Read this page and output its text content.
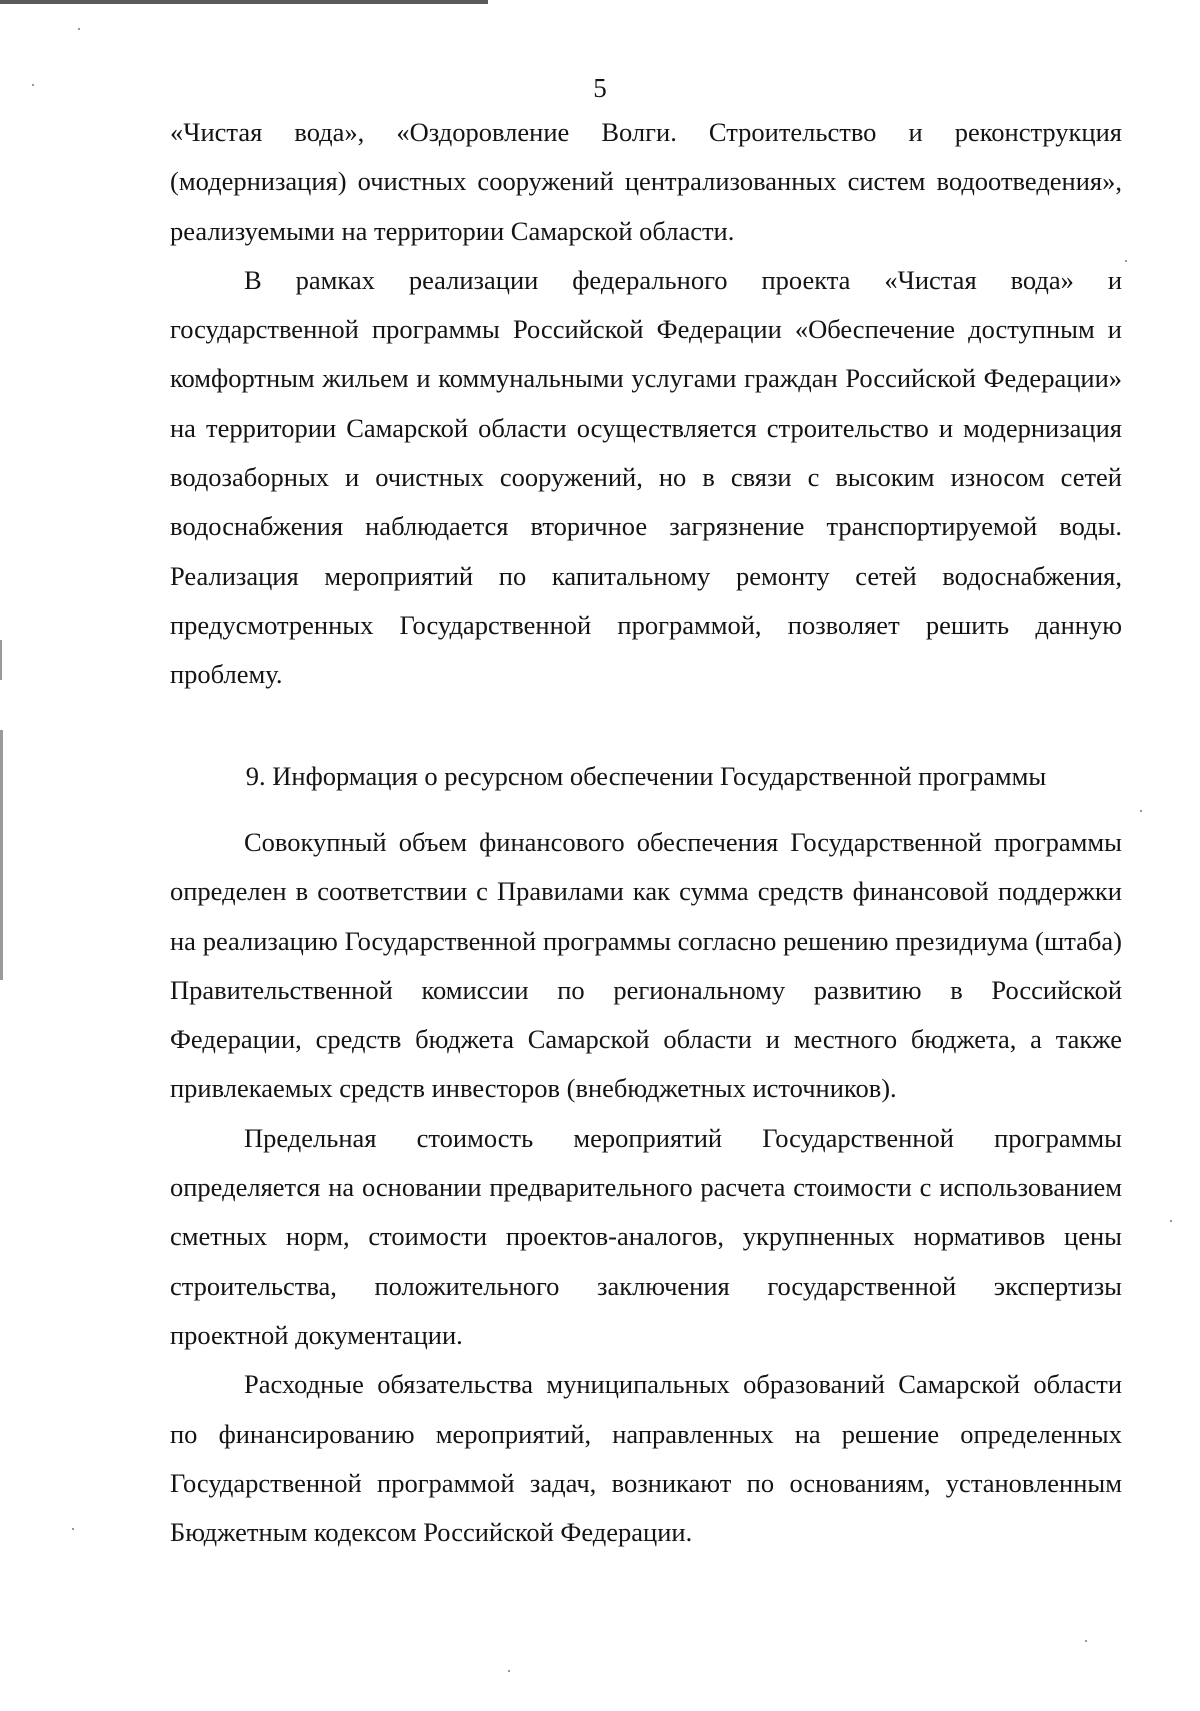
5

«Чистая вода», «Оздоровление Волги. Строительство и реконструкция (модернизация) очистных сооружений централизованных систем водоотведения», реализуемыми на территории Самарской области.

В рамках реализации федерального проекта «Чистая вода» и государственной программы Российской Федерации «Обеспечение доступным и комфортным жильем и коммунальными услугами граждан Российской Федерации» на территории Самарской области осуществляется строительство и модернизация водозаборных и очистных сооружений, но в связи с высоким износом сетей водоснабжения наблюдается вторичное загрязнение транспортируемой воды. Реализация мероприятий по капитальному ремонту сетей водоснабжения, предусмотренных Государственной программой, позволяет решить данную проблему.

9. Информация о ресурсном обеспечении Государственной программы

Совокупный объем финансового обеспечения Государственной программы определен в соответствии с Правилами как сумма средств финансовой поддержки на реализацию Государственной программы согласно решению президиума (штаба) Правительственной комиссии по региональному развитию в Российской Федерации, средств бюджета Самарской области и местного бюджета, а также привлекаемых средств инвесторов (внебюджетных источников).

Предельная стоимость мероприятий Государственной программы определяется на основании предварительного расчета стоимости с использованием сметных норм, стоимости проектов-аналогов, укрупненных нормативов цены строительства, положительного заключения государственной экспертизы проектной документации.

Расходные обязательства муниципальных образований Самарской области по финансированию мероприятий, направленных на решение определенных Государственной программой задач, возникают по основаниям, установленным Бюджетным кодексом Российской Федерации.
